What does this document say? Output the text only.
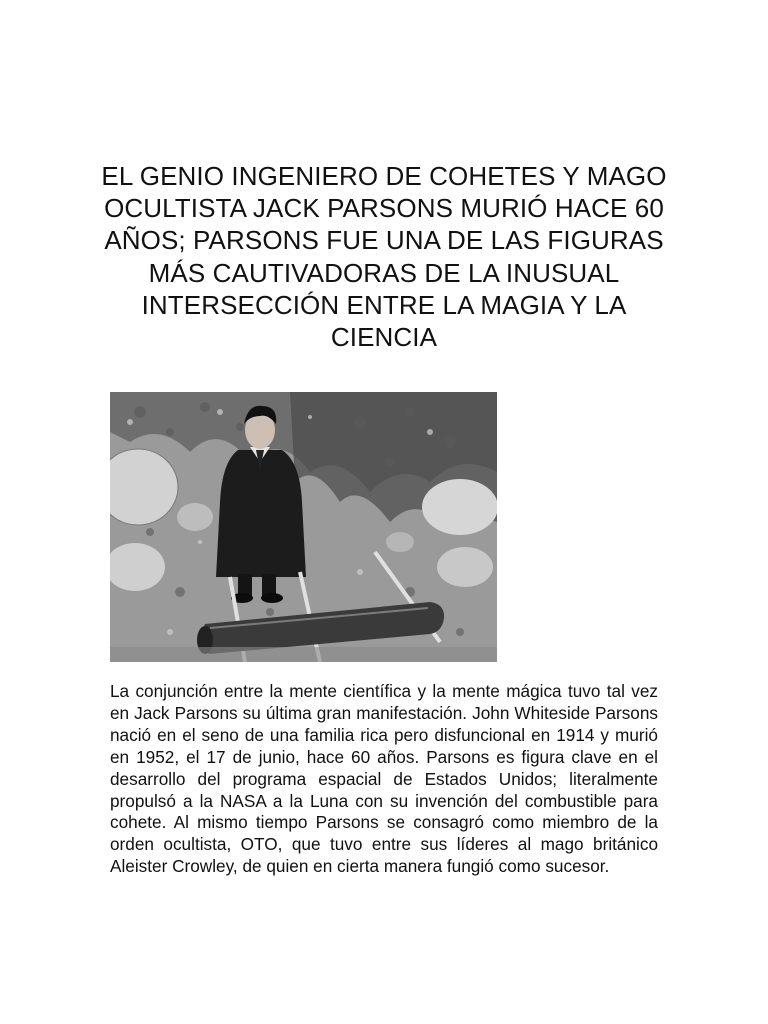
EL GENIO INGENIERO DE COHETES Y MAGO OCULTISTA JACK PARSONS MURIÓ HACE 60 AÑOS; PARSONS FUE UNA DE LAS FIGURAS MÁS CAUTIVADORAS DE LA INUSUAL INTERSECCIÓN ENTRE LA MAGIA Y LA CIENCIA

La conjunción entre la mente científica y la mente mágica tuvo tal vez en Jack Parsons su última gran manifestación. John Whiteside Parsons nació en el seno de una familia rica pero disfuncional en 1914 y murió en 1952, el 17 de junio, hace 60 años. Parsons es figura clave en el desarrollo del programa espacial de Estados Unidos; literalmente propulsó a la NASA a la Luna con su invención del combustible para cohete. Al mismo tiempo Parsons se consagró como miembro de la orden ocultista, OTO, que tuvo entre sus líderes al mago británico Aleister Crowley, de quien en cierta manera fungió como sucesor.
